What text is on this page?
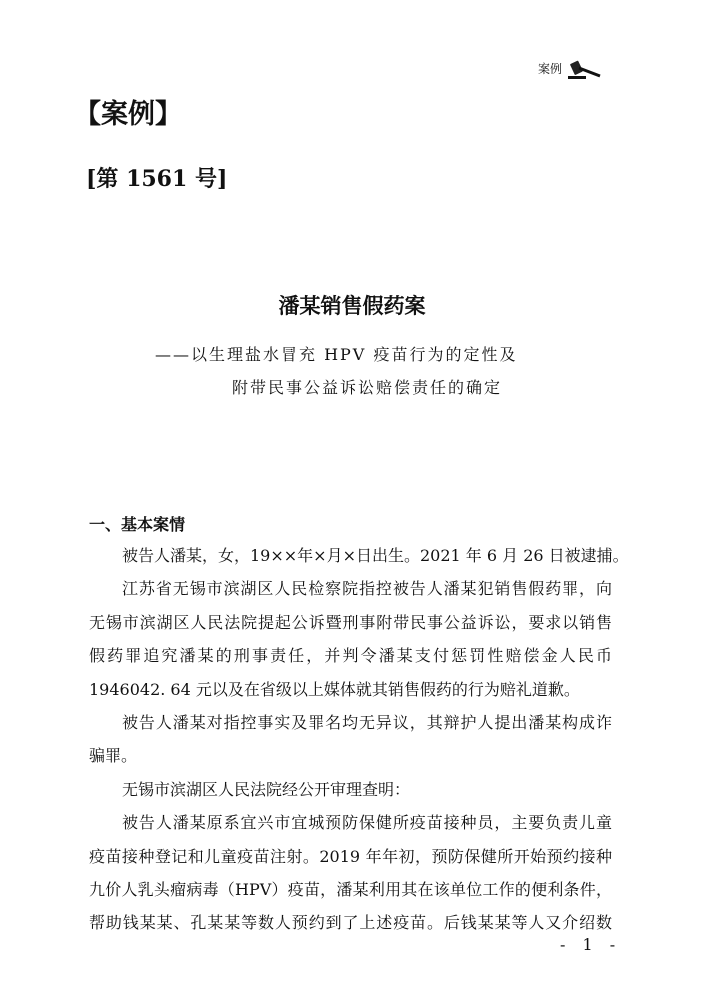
案例
【案例】
[第 1561 号]
潘某销售假药案
——以生理盐水冒充 HPV 疫苗行为的定性及
附带民事公益诉讼赔偿责任的确定
一、基本案情
被告人潘某，女，19××年×月×日出生。2021 年 6 月 26 日被逮捕。
江苏省无锡市滨湖区人民检察院指控被告人潘某犯销售假药罪，向
无锡市滨湖区人民法院提起公诉暨刑事附带民事公益诉讼，要求以销售
假药罪追究潘某的刑事责任，并判令潘某支付惩罚性赔偿金人民币
1946042. 64 元以及在省级以上媒体就其销售假药的行为赔礼道歉。
被告人潘某对指控事实及罪名均无异议，其辩护人提出潘某构成诈
骗罪。
无锡市滨湖区人民法院经公开审理查明：
被告人潘某原系宜兴市宜城预防保健所疫苗接种员，主要负责儿童
疫苗接种登记和儿童疫苗注射。2019 年年初，预防保健所开始预约接种
九价人乳头瘤病毒（HPV）疫苗，潘某利用其在该单位工作的便利条件，
帮助钱某某、孔某某等数人预约到了上述疫苗。后钱某某等人又介绍数
- 1 -
